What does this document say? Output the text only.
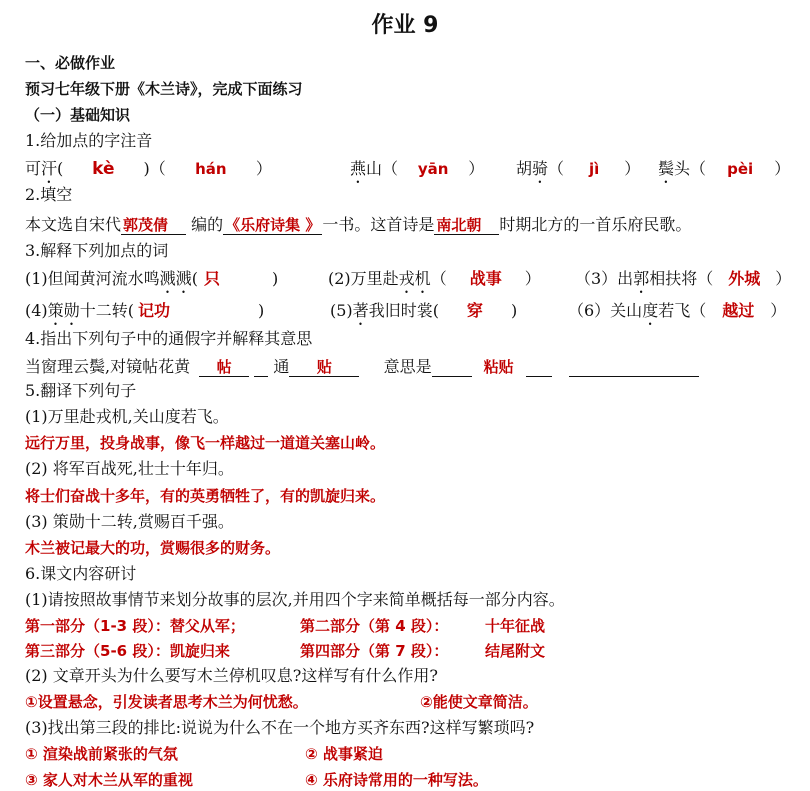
作业 9
一、必做作业
预习七年级下册《木兰诗》，完成下面练习
（一）基础知识
1.给加点的字注音
可汗( kè )（ hán ）	燕山（ yān ） 胡骑（ jì ） 鬓头（ pèi ）
2.填空
本文选自宋代 郭茂倩 编的 《乐府诗集 》 一书。这首诗是 南北朝 时期北方的一首乐府民歌。
3.解释下列加点的词
(1)但闻黄河流水鸣溅溅( 只	)	(2)万里赴戎机（ 战事 ） （3）出郭相扶将（ 外城 ）
(4)策勋十二转( 记功	)	(5)著我旧时裳( 穿 )	（6）关山度若飞（ 越过 ）
4.指出下列句子中的通假字并解释其意思
当窗理云鬓,对镜帖花黄 帖	通 贴	意思是	粘贴
5.翻译下列句子
(1)万里赴戎机,关山度若飞。
远行万里，投身战事，像飞一样越过一道道关塞山岭。
(2) 将军百战死,壮士十年归。
将士们奋战十多年，有的英勇牺牲了，有的凯旋归来。
(3) 策勋十二转,赏赐百千强。
木兰被记最大的功，赏赐很多的财务。
6.课文内容研讨
(1)请按照故事情节来划分故事的层次,并用四个字来简单概括每一部分内容。
第一部分（1-3 段）：替父从军；	第二部分（第 4 段）： 十年征战
第三部分（5-6 段）：凯旋归来	第四部分（第 7 段）： 结尾附文
(2) 文章开头为什么要写木兰停机叹息?这样写有什么作用?
①设置悬念，引发读者思考木兰为何忧愁。	②能使文章简洁。
(3)找出第三段的排比:说说为什么不在一个地方买齐东西?这样写繁琐吗?
① 渲染战前紧张的气氛	② 战事紧迫
③ 家人对木兰从军的重视	④ 乐府诗常用的一种写法。
